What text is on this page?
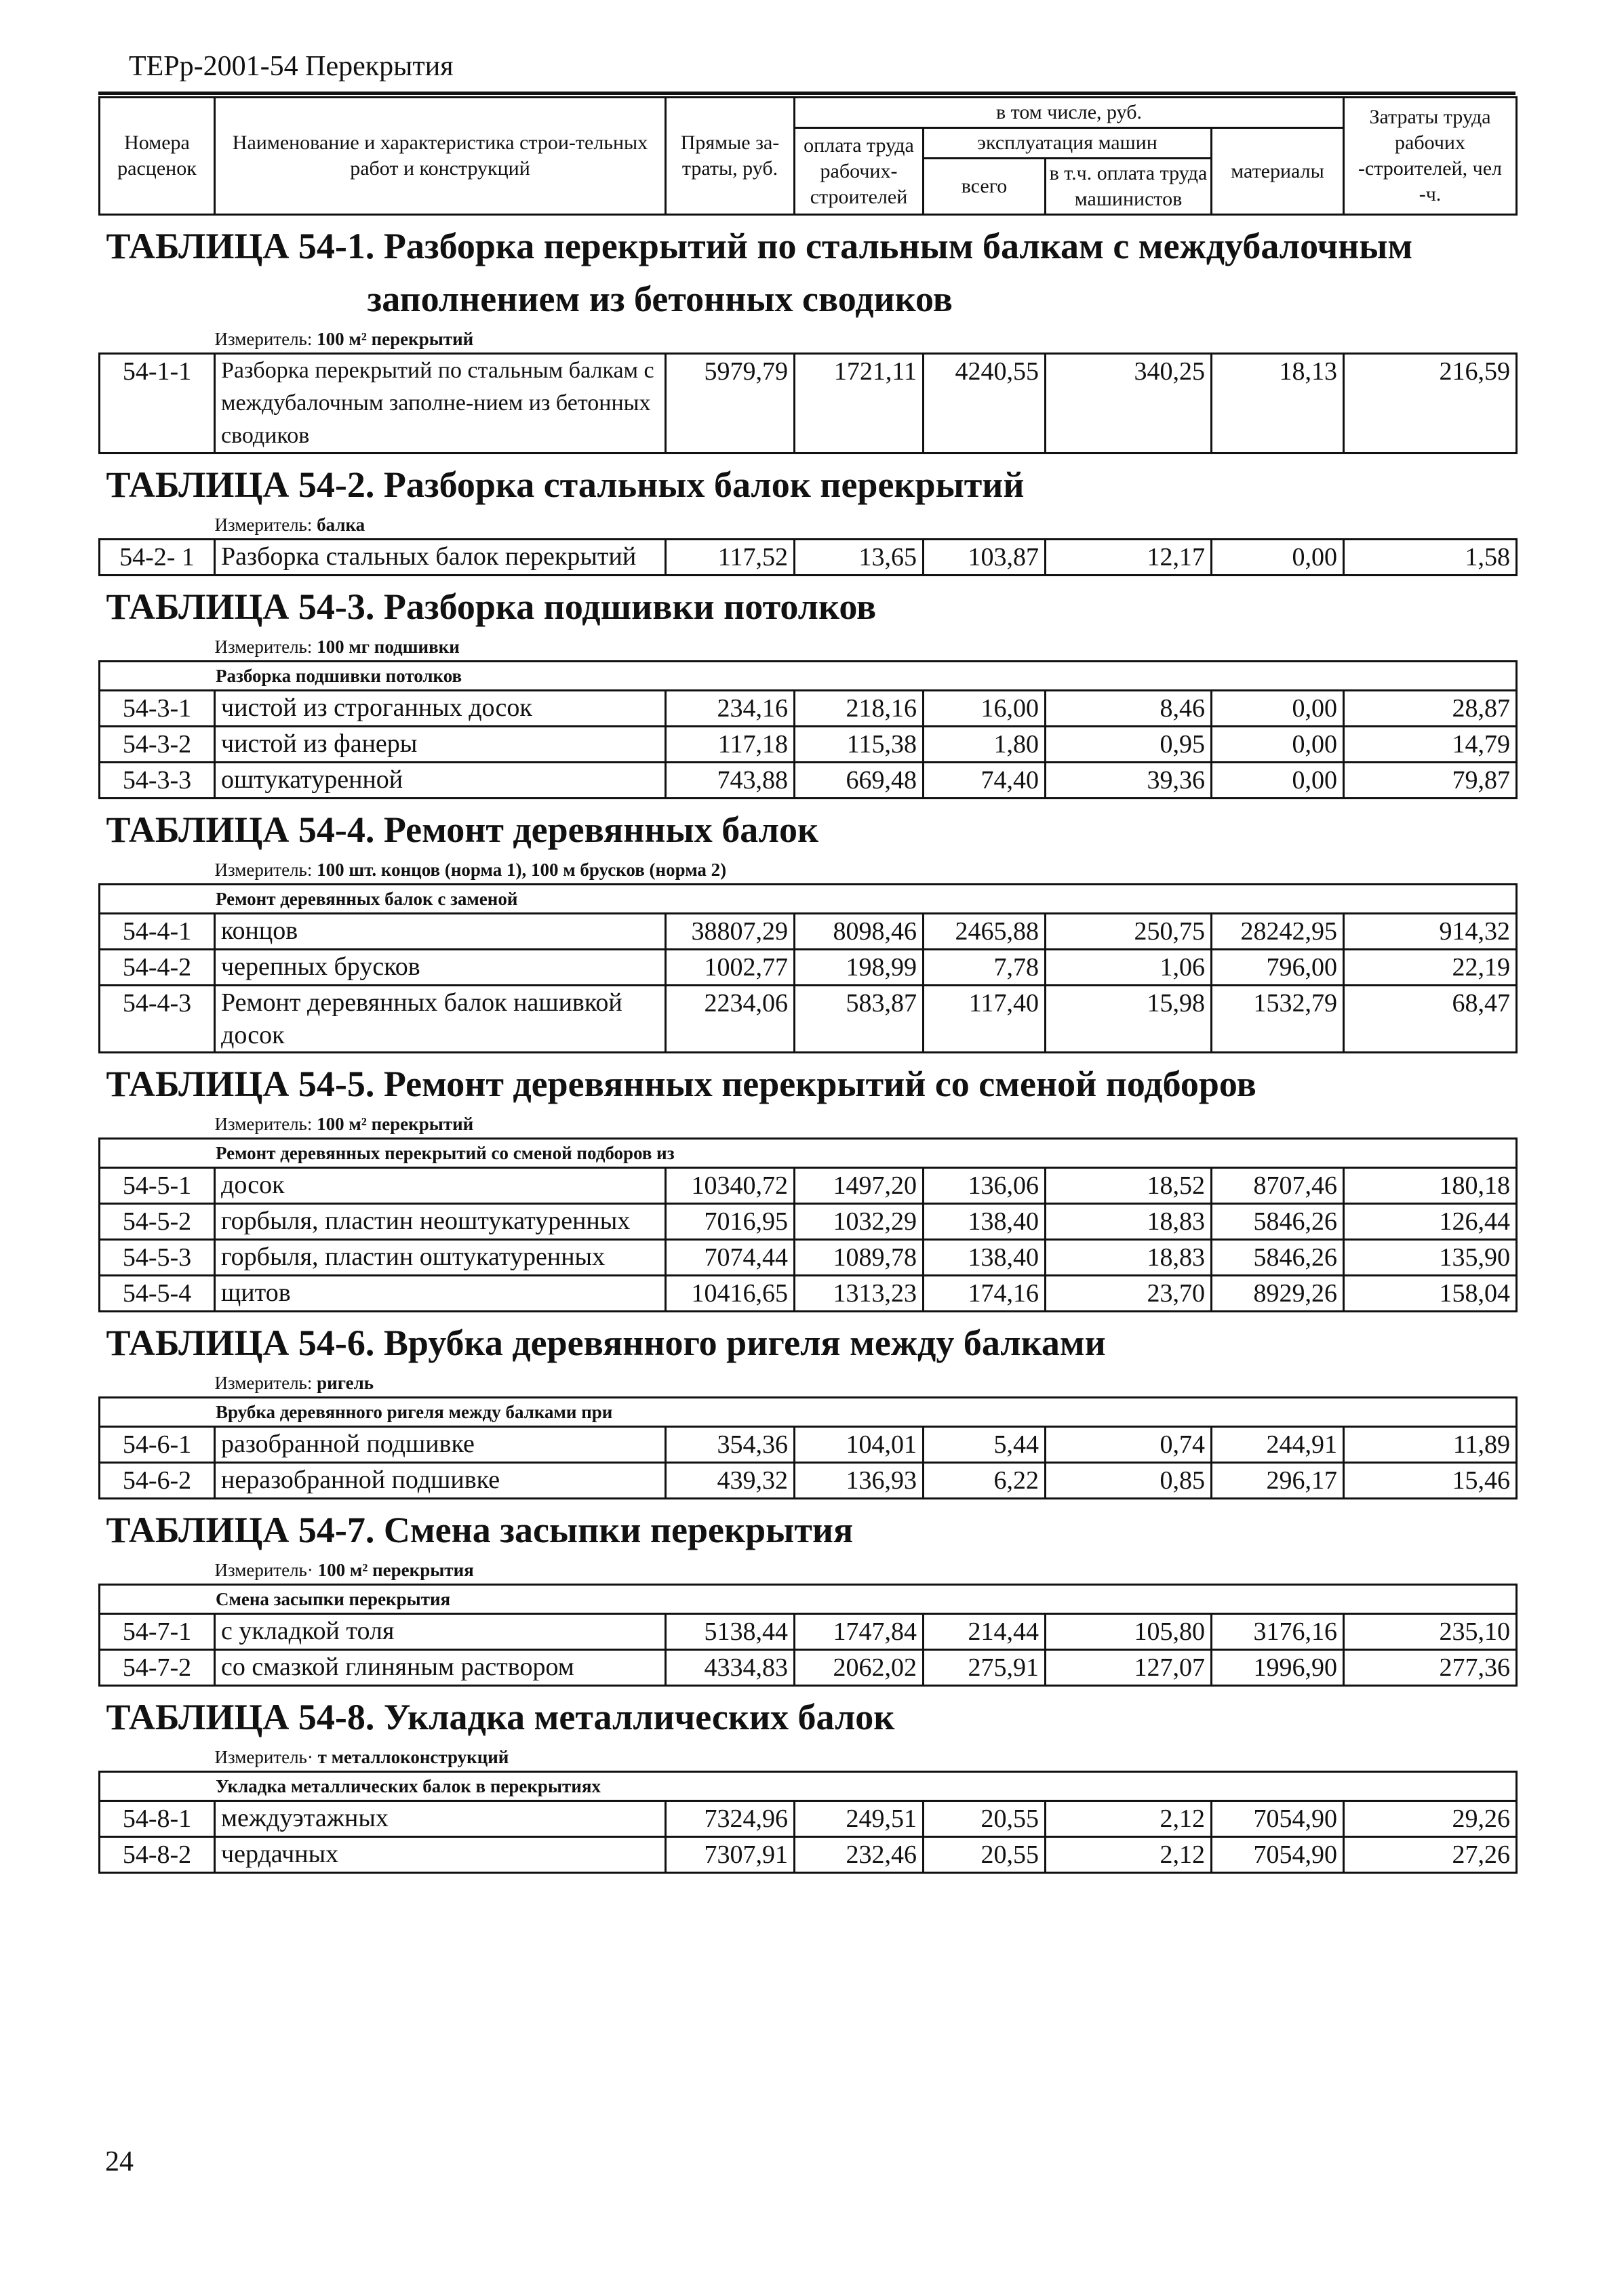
ТЕРр-2001-54 Перекрытия
Номера расценок	Наименование и характеристика строи-тельных работ и конструкций	Прямые за-траты, руб.	в том числе, руб.				Затраты труда рабочих -строителей, чел -ч.
			оплата труда рабочих-строителей	эксплуатация машин		материалы	
				всего	в т.ч. оплата труда машинистов		

ТАБЛИЦА 54-1. Разборка перекрытий по стальным балкам с междубалочным
заполнением из бетонных сводиков
Измеритель: 100 м² перекрытий							

54-1-1	Разборка перекрытий по стальным балкам с междубалочным заполне-нием из бетонных сводиков	5979,79	1721,11	4240,55	340,25	18,13	216,59

ТАБЛИЦА 54-2. Разборка стальных балок перекрытий
Измеритель: балка							

54-2- 1	Разборка стальных балок перекрытий	117,52	13,65	103,87	12,17	0,00	1,58

ТАБЛИЦА 54-3. Разборка подшивки потолков
Измеритель: 100 мг подшивки							

Разборка подшивки потолков							
54-3-1	чистой из строганных досок	234,16	218,16	16,00	8,46	0,00	28,87
54-3-2	чистой из фанеры	117,18	115,38	1,80	0,95	0,00	14,79
54-3-3	оштукатуренной	743,88	669,48	74,40	39,36	0,00	79,87

ТАБЛИЦА 54-4. Ремонт деревянных балок
Измеритель: 100 шт. концов (норма 1), 100 м брусков (норма 2)							

Ремонт деревянных балок с заменой							
54-4-1	концов	38807,29	8098,46	2465,88	250,75	28242,95	914,32
54-4-2	черепных брусков	1002,77	198,99	7,78	1,06	796,00	22,19
54-4-3	Ремонт деревянных балок нашивкой досок	2234,06	583,87	117,40	15,98	1532,79	68,47

ТАБЛИЦА 54-5. Ремонт деревянных перекрытий со сменой подборов
Измеритель: 100 м² перекрытий							

Ремонт деревянных перекрытий со сменой подборов из							
54-5-1	досок	10340,72	1497,20	136,06	18,52	8707,46	180,18
54-5-2	горбыля, пластин неоштукатуренных	7016,95	1032,29	138,40	18,83	5846,26	126,44
54-5-3	горбыля, пластин оштукатуренных	7074,44	1089,78	138,40	18,83	5846,26	135,90
54-5-4	щитов	10416,65	1313,23	174,16	23,70	8929,26	158,04

ТАБЛИЦА 54-6. Врубка деревянного ригеля между балками
Измеритель: ригель							

Врубка деревянного ригеля между балками при							
54-6-1	разобранной подшивке	354,36	104,01	5,44	0,74	244,91	11,89
54-6-2	неразобранной подшивке	439,32	136,93	6,22	0,85	296,17	15,46

ТАБЛИЦА 54-7. Смена засыпки перекрытия
Измеритель· 100 м² перекрытия							

Смена засыпки перекрытия							
54-7-1	с укладкой толя	5138,44	1747,84	214,44	105,80	3176,16	235,10
54-7-2	со смазкой глиняным раствором	4334,83	2062,02	275,91	127,07	1996,90	277,36

ТАБЛИЦА 54-8. Укладка металлических балок
Измеритель· т металлоконструкций							

Укладка металлических балок в перекрытиях							
54-8-1	междуэтажных	7324,96	249,51	20,55	2,12	7054,90	29,26
54-8-2	чердачных	7307,91	232,46	20,55	2,12	7054,90	27,26
24
